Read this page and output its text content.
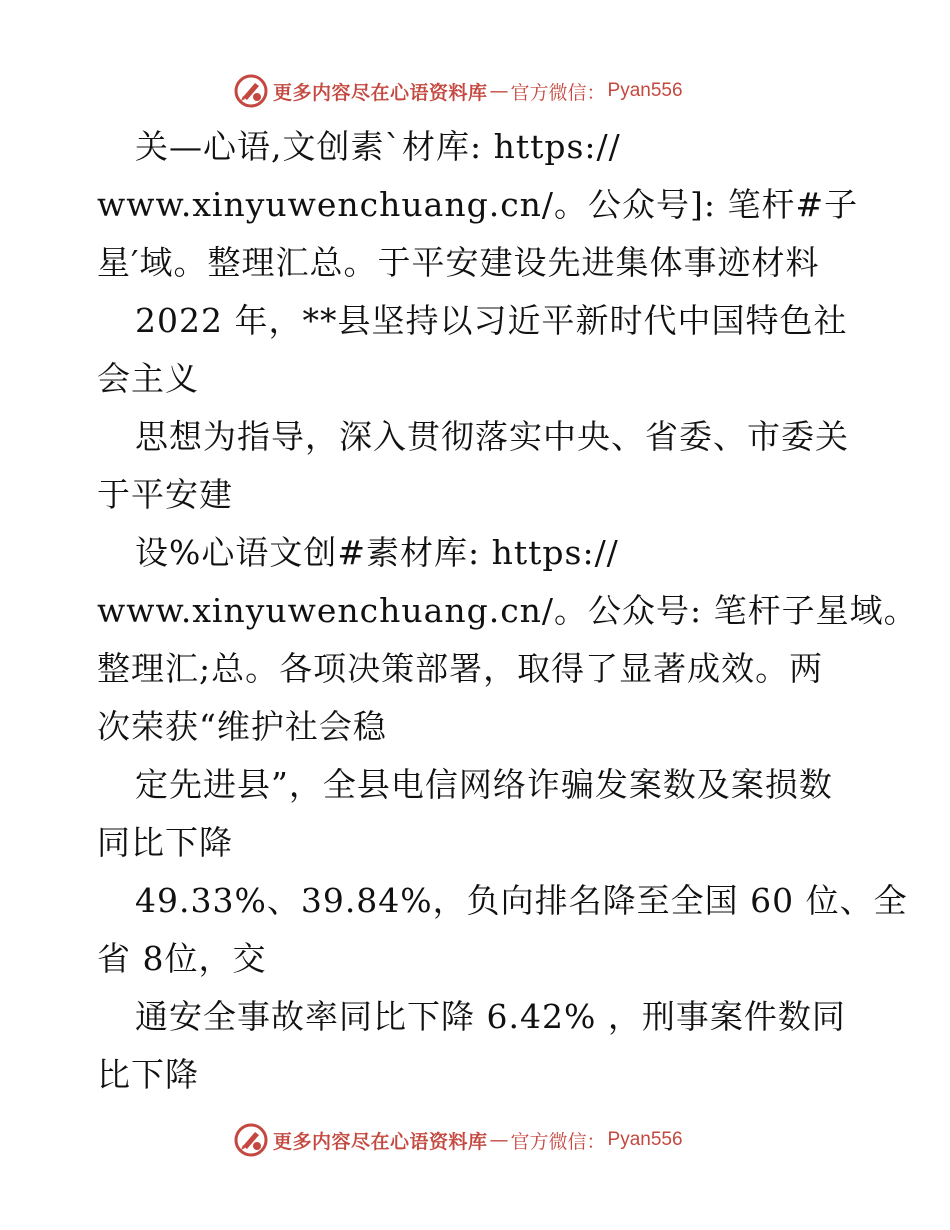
更多内容尽在心语资料库 — 官方微信： Pyan556
关—心语,文创素`材库: https://
www.xinyuwenchuang.cn/。公众号]: 笔杆#子
星′域。整理汇总。于平安建设先进集体事迹材料
2022 年，**县坚持以习近平新时代中国特色社
会主义
思想为指导，深入贯彻落实中央、省委、市委关
于平安建
设%心语文创#素材库: https://
www.xinyuwenchuang.cn/。公众号: 笔杆子星域。
整理汇;总。各项决策部署，取得了显著成效。两
次荣获“维护社会稳
定先进县”，全县电信网络诈骗发案数及案损数
同比下降
49.33%、39.84%，负向排名降至全国 60 位、全
省 8位，交
通安全事故率同比下降 6.42% ，刑事案件数同
比下降
更多内容尽在心语资料库 — 官方微信： Pyan556
